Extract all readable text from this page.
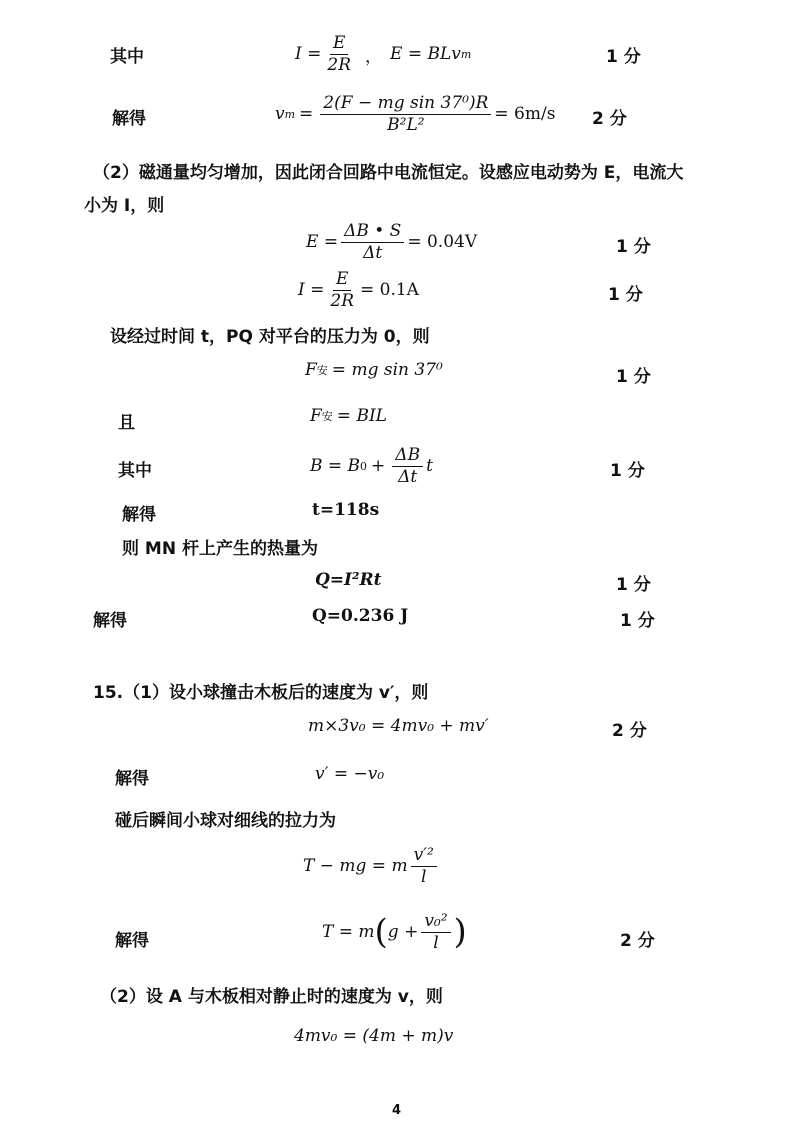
其中	$I = \frac{E}{2R}$ ， E = BLv m	1 分
解得	v $m = \frac{\text{2(F − mg sin 37⁰)R}}{\text{B²L²}} = 6m/s$ 2 分
（2）磁通量均匀增加，因此闭合回路中电流恒定。设感应电动势为 E，电流大
小为 I，则
$E = \frac{\Delta B • S}{\Delta t} = 0.04V$	1 分
$I = \frac{E}{2R} = 0.1A$	1 分
设经过时间 t，PQ 对平台的压力为 0，则
F 安 = mg sin 37⁰	1 分
且	F 安 = BIL
其中	B = B $0 + \frac{\Delta B}{\Delta t}$ t	1 分
解得	t=118s
则 MN 杆上产生的热量为
Q=I²Rt	1 分
解得	Q=0.236 J	1 分
15.（1）设小球撞击木板后的速度为 v′，则
m×3v₀ = 4mv₀ + mv′	2 分
解得	v′ = −v₀
碰后瞬间小球对细线的拉力为
T − mg = m $\frac{\text{v′²}}{l}$
解得	T = m ( $g + \frac{\text{v₀²}}{l}$ )	2 分
（2）设 A 与木板相对静止时的速度为 v，则
4mv₀ = (4m + m)v
4
